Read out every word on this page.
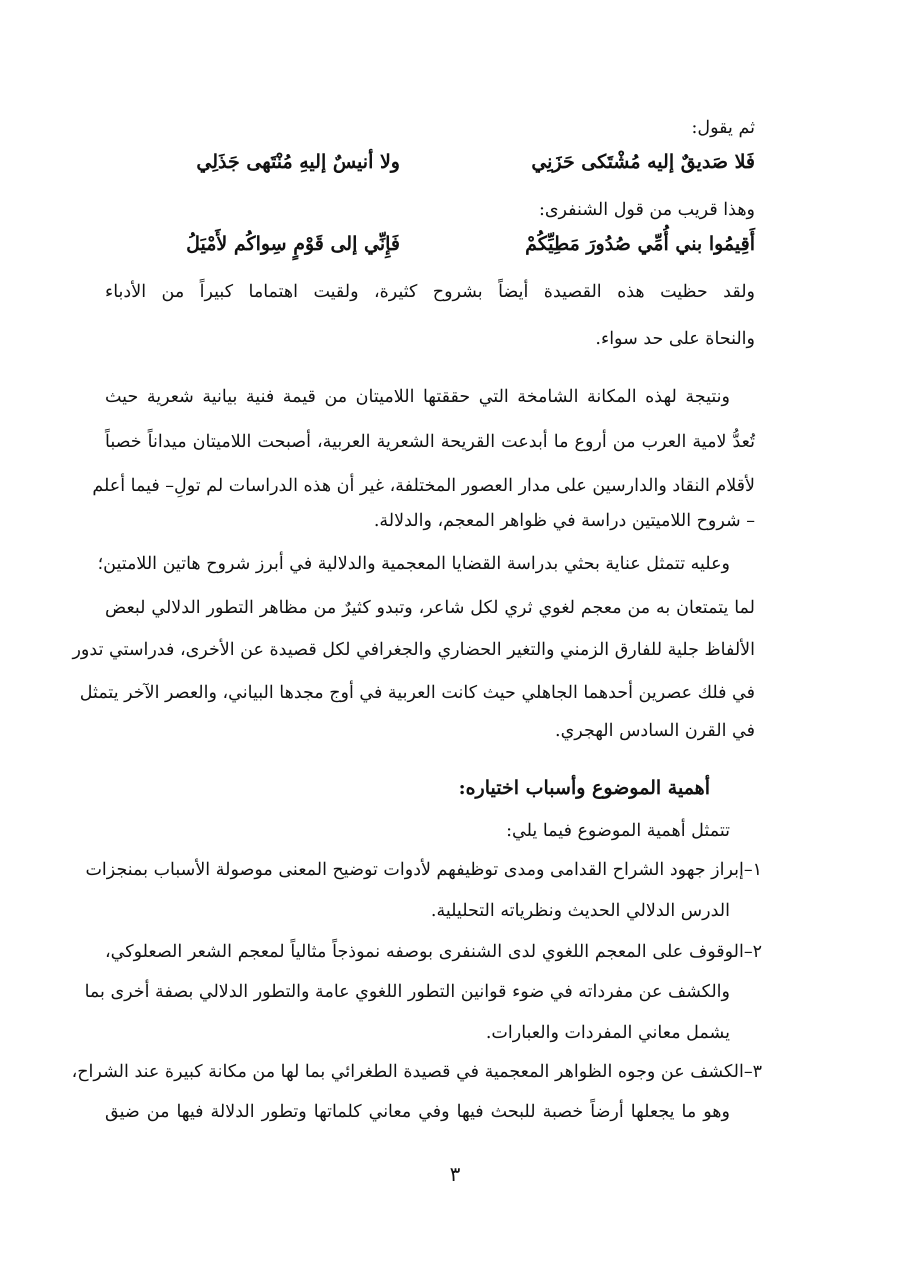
ثم يقول:
فَلا صَديقٌ إليه مُشْتَكى حَزَنِي
ولا أنيسٌ إليهِ مُنْتَهى جَذَلِي
وهذا قريب من قول الشنفرى:
أَقِيمُوا بني أُمِّي صُدُورَ مَطِيِّكُمْ
فَإِنِّي إلى قَوْمٍ سِواكُم لأَمْيَلُ
ولقد حظيت هذه القصيدة أيضاً بشروح كثيرة، ولقيت اهتماما كبيراً من الأدباء
والنحاة على حد سواء.
ونتيجة لهذه المكانة الشامخة التي حققتها اللاميتان من قيمة فنية بيانية شعرية حيث
تُعدُّ لامية العرب من أروع ما أبدعت القريحة الشعرية العربية، أصبحت اللاميتان ميداناً خصباً
لأقلام النقاد والدارسين على مدار العصور المختلفة، غير أن هذه الدراسات لم تولِ– فيما أعلم
– شروح اللاميتين دراسة في ظواهر المعجم، والدلالة.
وعليه تتمثل عناية بحثي بدراسة القضايا المعجمية والدلالية في أبرز شروح هاتين اللامتين؛
لما يتمتعان به من معجم لغوي ثري لكل شاعر، وتبدو كثيرٌ من مظاهر التطور الدلالي لبعض
الألفاظ جلية للفارق الزمني والتغير الحضاري والجغرافي لكل قصيدة عن الأخرى، فدراستي تدور
في فلك عصرين أحدهما الجاهلي حيث كانت العربية في أوج مجدها البياني، والعصر الآخر يتمثل
في القرن السادس الهجري.
أهمية الموضوع وأسباب اختياره:
تتمثل أهمية الموضوع فيما يلي:
١–إبراز جهود الشراح القدامى ومدى توظيفهم لأدوات توضيح المعنى موصولة الأسباب بمنجزات
الدرس الدلالي الحديث ونظرياته التحليلية.
٢–الوقوف على المعجم اللغوي لدى الشنفرى بوصفه نموذجاً مثالياً لمعجم الشعر الصعلوكي،
والكشف عن مفرداته في ضوء قوانين التطور اللغوي عامة والتطور الدلالي بصفة أخرى بما
يشمل معاني المفردات والعبارات.
٣–الكشف عن وجوه الظواهر المعجمية في قصيدة الطغرائي بما لها من مكانة كبيرة عند الشراح،
وهو ما يجعلها أرضاً خصبة للبحث فيها وفي معاني كلماتها وتطور الدلالة فيها من ضيق
٣
